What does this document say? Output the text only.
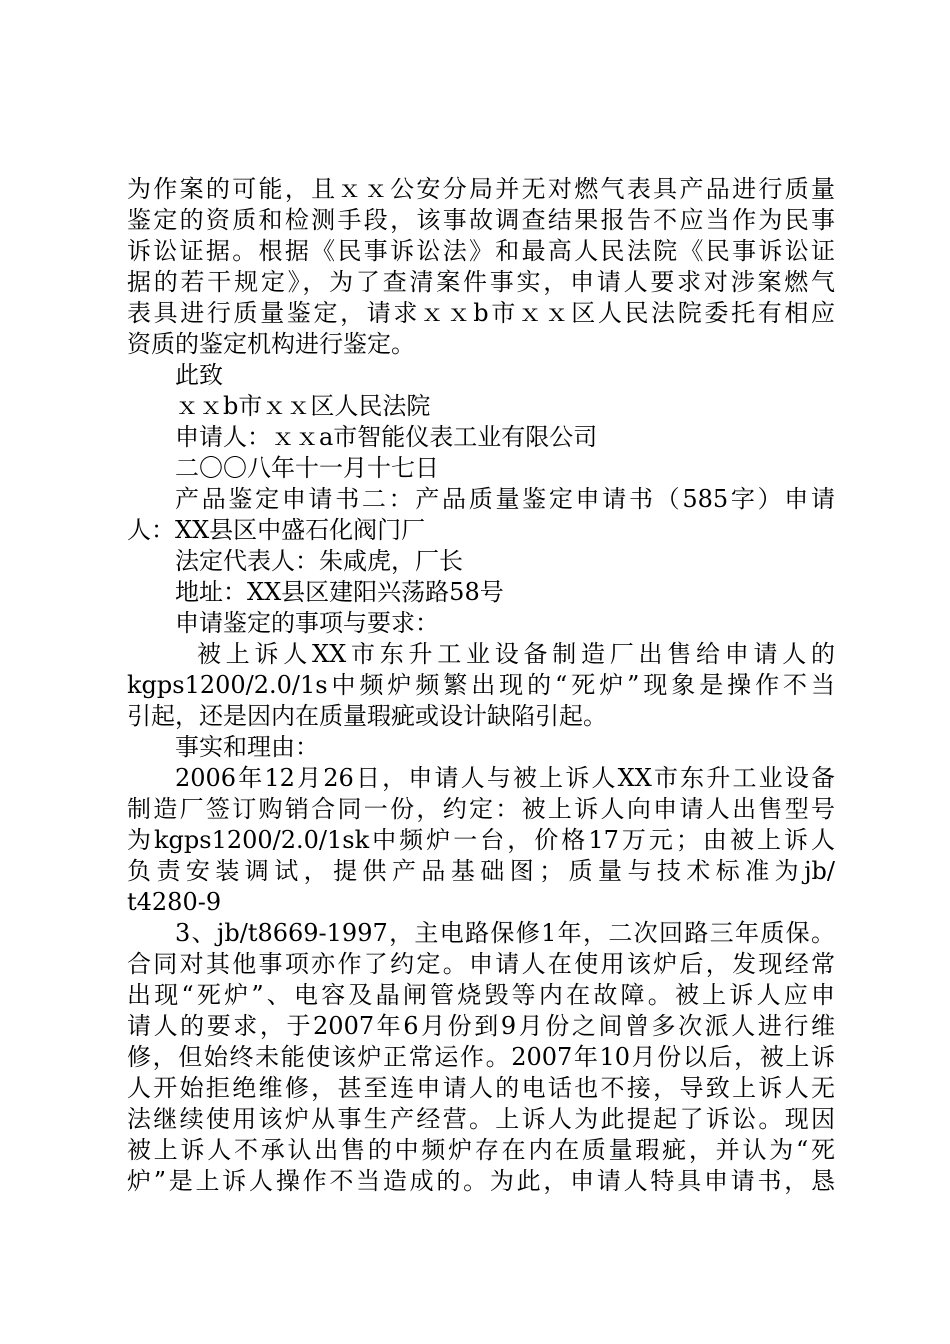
为作案的可能，且ｘｘ公安分局并无对燃气表具产品进行质量
鉴定的资质和检测手段，该事故调查结果报告不应当作为民事
诉讼证据。根据《民事诉讼法》和最高人民法院《民事诉讼证
据的若干规定》，为了查清案件事实，申请人要求对涉案燃气
表具进行质量鉴定，请求ｘｘb市ｘｘ区人民法院委托有相应
资质的鉴定机构进行鉴定。
此致
ｘｘb市ｘｘ区人民法院
申请人：ｘｘa市智能仪表工业有限公司
二〇〇八年十一月十七日
产品鉴定申请书二：产品质量鉴定申请书（585字）申请
人：XX县区中盛石化阀门厂
法定代表人：朱咸虎，厂长
地址：XX县区建阳兴荡路58号
申请鉴定的事项与要求：
被上诉人XX市东升工业设备制造厂出售给申请人的
kgps1200/2.0/1s中频炉频繁出现的“死炉”现象是操作不当
引起，还是因内在质量瑕疵或设计缺陷引起。
事实和理由：
2006年12月26日，申请人与被上诉人XX市东升工业设备
制造厂签订购销合同一份，约定：被上诉人向申请人出售型号
为kgps1200/2.0/1sk中频炉一台，价格17万元；由被上诉人
负责安装调试，提供产品基础图；质量与技术标准为jb/
t4280-9
3、jb/t8669-1997，主电路保修1年，二次回路三年质保。
合同对其他事项亦作了约定。申请人在使用该炉后，发现经常
出现“死炉”、电容及晶闸管烧毁等内在故障。被上诉人应申
请人的要求，于2007年6月份到9月份之间曾多次派人进行维
修，但始终未能使该炉正常运作。2007年10月份以后，被上诉
人开始拒绝维修，甚至连申请人的电话也不接，导致上诉人无
法继续使用该炉从事生产经营。上诉人为此提起了诉讼。现因
被上诉人不承认出售的中频炉存在内在质量瑕疵，并认为“死
炉”是上诉人操作不当造成的。为此，申请人特具申请书，恳
